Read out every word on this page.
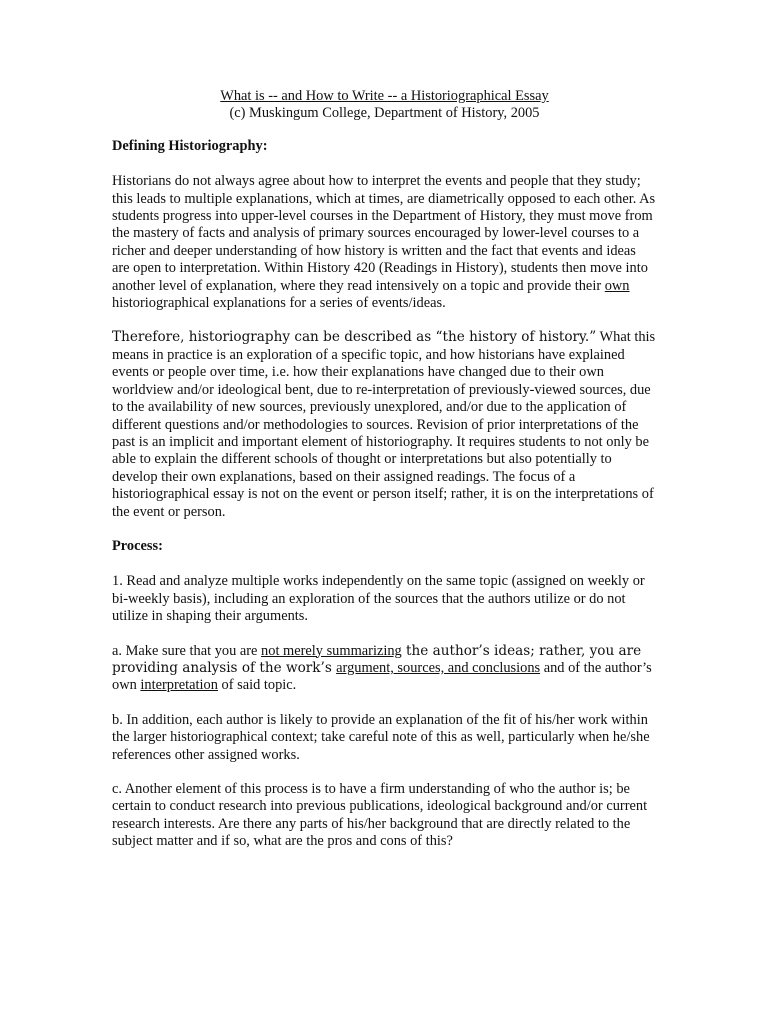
What is -- and How to Write -- a Historiographical Essay
(c) Muskingum College, Department of History, 2005
Defining Historiography:

Historians do not always agree about how to interpret the events and people that they study; this leads to multiple explanations, which at times, are diametrically opposed to each other. As students progress into upper-level courses in the Department of History, they must move from the mastery of facts and analysis of primary sources encouraged by lower-level courses to a richer and deeper understanding of how history is written and the fact that events and ideas are open to interpretation. Within History 420 (Readings in History), students then move into another level of explanation, where they read intensively on a topic and provide their own historiographical explanations for a series of events/ideas.

Therefore, historiography can be described as “the history of history.” What this means in practice is an exploration of a specific topic, and how historians have explained events or people over time, i.e. how their explanations have changed due to their own worldview and/or ideological bent, due to re-interpretation of previously-viewed sources, due to the availability of new sources, previously unexplored, and/or due to the application of different questions and/or methodologies to sources. Revision of prior interpretations of the past is an implicit and important element of historiography. It requires students to not only be able to explain the different schools of thought or interpretations but also potentially to develop their own explanations, based on their assigned readings. The focus of a historiographical essay is not on the event or person itself; rather, it is on the interpretations of the event or person.

Process:

1. Read and analyze multiple works independently on the same topic (assigned on weekly or bi-weekly basis), including an exploration of the sources that the authors utilize or do not utilize in shaping their arguments.

a. Make sure that you are not merely summarizing the author’s ideas; rather, you are providing analysis of the work’s argument, sources, and conclusions and of the author’s own interpretation of said topic.

b. In addition, each author is likely to provide an explanation of the fit of his/her work within the larger historiographical context; take careful note of this as well, particularly when he/she references other assigned works.

c. Another element of this process is to have a firm understanding of who the author is; be certain to conduct research into previous publications, ideological background and/or current research interests. Are there any parts of his/her background that are directly related to the subject matter and if so, what are the pros and cons of this?
